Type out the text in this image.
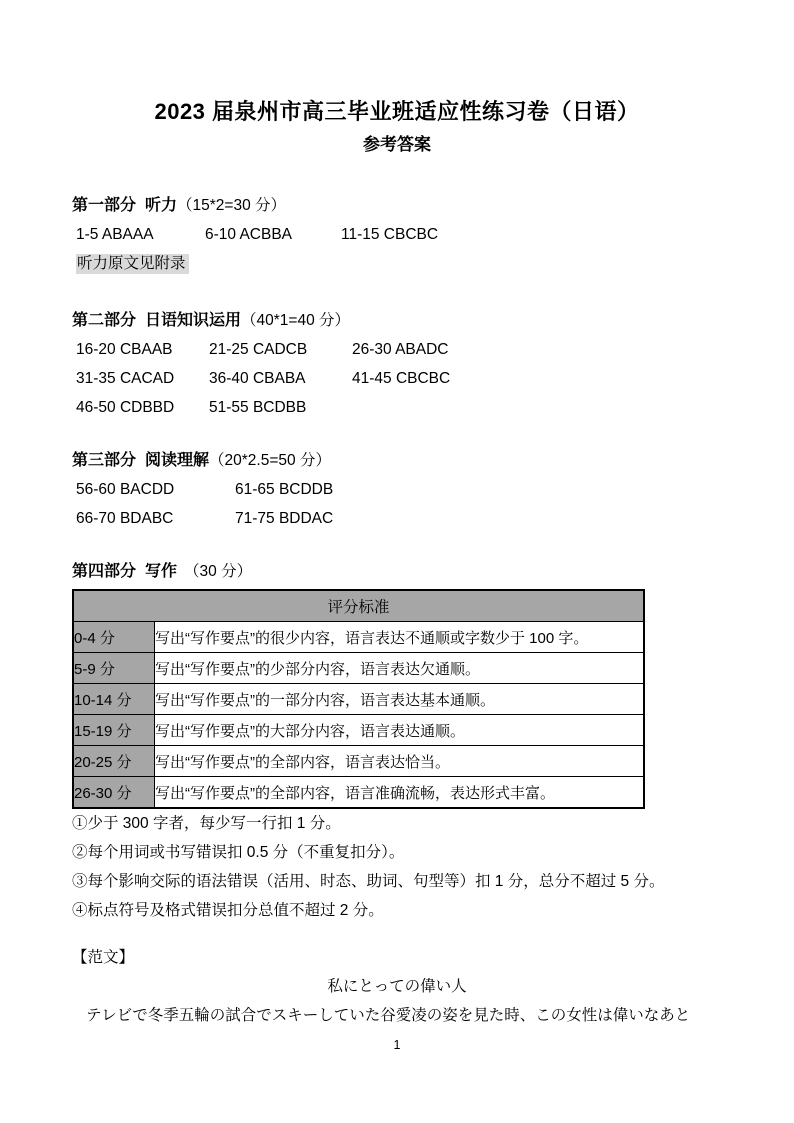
2023 届泉州市高三毕业班适应性练习卷（日语）
参考答案

第一部分 听力（15*2=30 分）

1-5 ABAAA	6-10 ACBBA	11-15 CBCBC

听力原文见附录

第二部分 日语知识运用（40*1=40 分）

16-20 CBAAB 21-25 CADCB	26-30 ABADC

31-35 CACAD 36-40 CBABA	41-45 CBCBC

46-50 CDBBD 51-55 BCDBB

第三部分 阅读理解（20*2.5=50 分）

56-60 BACDD	61-65 BCDDB

66-70 BDABC	71-75 BDDAC

第四部分 写作 （30 分）

评分标准	
0-4 分	写出“写作要点”的很少内容，语言表达不通顺或字数少于 100 字。
5-9 分	写出“写作要点”的少部分内容，语言表达欠通顺。
10-14 分	写出“写作要点”的一部分内容，语言表达基本通顺。
15-19 分	写出“写作要点”的大部分内容，语言表达通顺。
20-25 分	写出“写作要点”的全部内容，语言表达恰当。
26-30 分	写出“写作要点”的全部内容，语言准确流畅，表达形式丰富。

①少于 300 字者，每少写一行扣 1 分。

②每个用词或书写错误扣 0.5 分（不重复扣分）。

③每个影响交际的语法错误（活用、时态、助词、句型等）扣 1 分，总分不超过 5 分。

④标点符号及格式错误扣分总值不超过 2 分。

【范文】

私にとっての偉い人

テレビで冬季五輪の試合でスキーしていた谷愛凌の姿を見た時、この女性は偉いなあと

1
